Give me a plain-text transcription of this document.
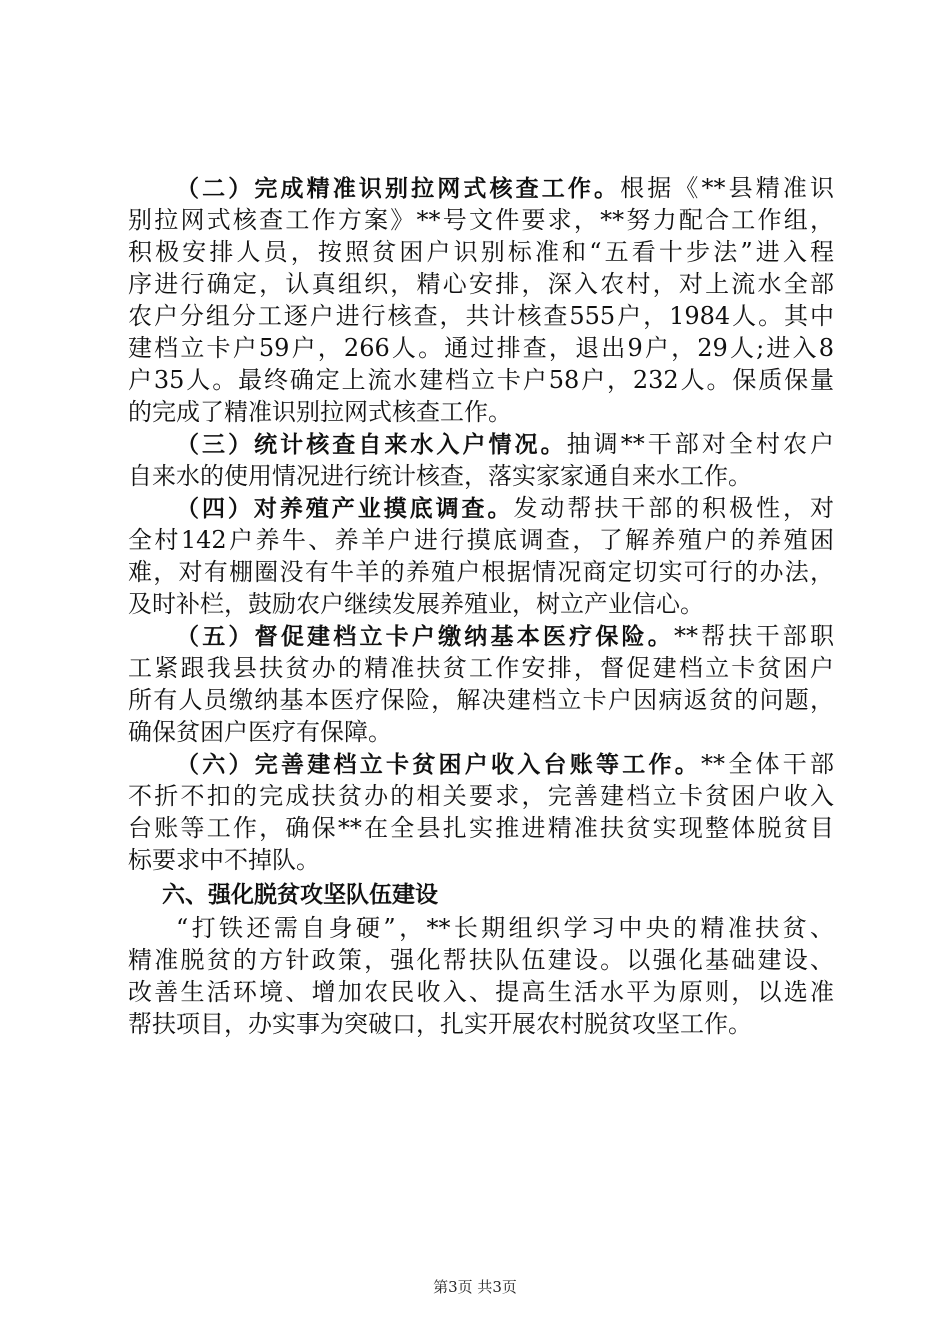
（二）完成精准识别拉网式核查工作。根据《**县精准识
别拉网式核查工作方案》**号文件要求，**努力配合工作组，
积极安排人员，按照贫困户识别标准和“五看十步法”进入程
序进行确定，认真组织，精心安排，深入农村，对上流水全部
农户分组分工逐户进行核查，共计核查555户，1984人。其中
建档立卡户59户，266人。通过排查，退出9户，29人;进入8
户35人。最终确定上流水建档立卡户58户，232人。保质保量
的完成了精准识别拉网式核查工作。
（三）统计核查自来水入户情况。抽调**干部对全村农户
自来水的使用情况进行统计核查，落实家家通自来水工作。
（四）对养殖产业摸底调查。发动帮扶干部的积极性，对
全村142户养牛、养羊户进行摸底调查，了解养殖户的养殖困
难，对有棚圈没有牛羊的养殖户根据情况商定切实可行的办法，
及时补栏，鼓励农户继续发展养殖业，树立产业信心。
（五）督促建档立卡户缴纳基本医疗保险。**帮扶干部职
工紧跟我县扶贫办的精准扶贫工作安排，督促建档立卡贫困户
所有人员缴纳基本医疗保险，解决建档立卡户因病返贫的问题，
确保贫困户医疗有保障。
（六）完善建档立卡贫困户收入台账等工作。**全体干部
不折不扣的完成扶贫办的相关要求，完善建档立卡贫困户收入
台账等工作，确保**在全县扎实推进精准扶贫实现整体脱贫目
标要求中不掉队。
六、强化脱贫攻坚队伍建设
“打铁还需自身硬”，**长期组织学习中央的精准扶贫、
精准脱贫的方针政策，强化帮扶队伍建设。以强化基础建设、
改善生活环境、增加农民收入、提高生活水平为原则，以选准
帮扶项目，办实事为突破口，扎实开展农村脱贫攻坚工作。
第3页 共3页
